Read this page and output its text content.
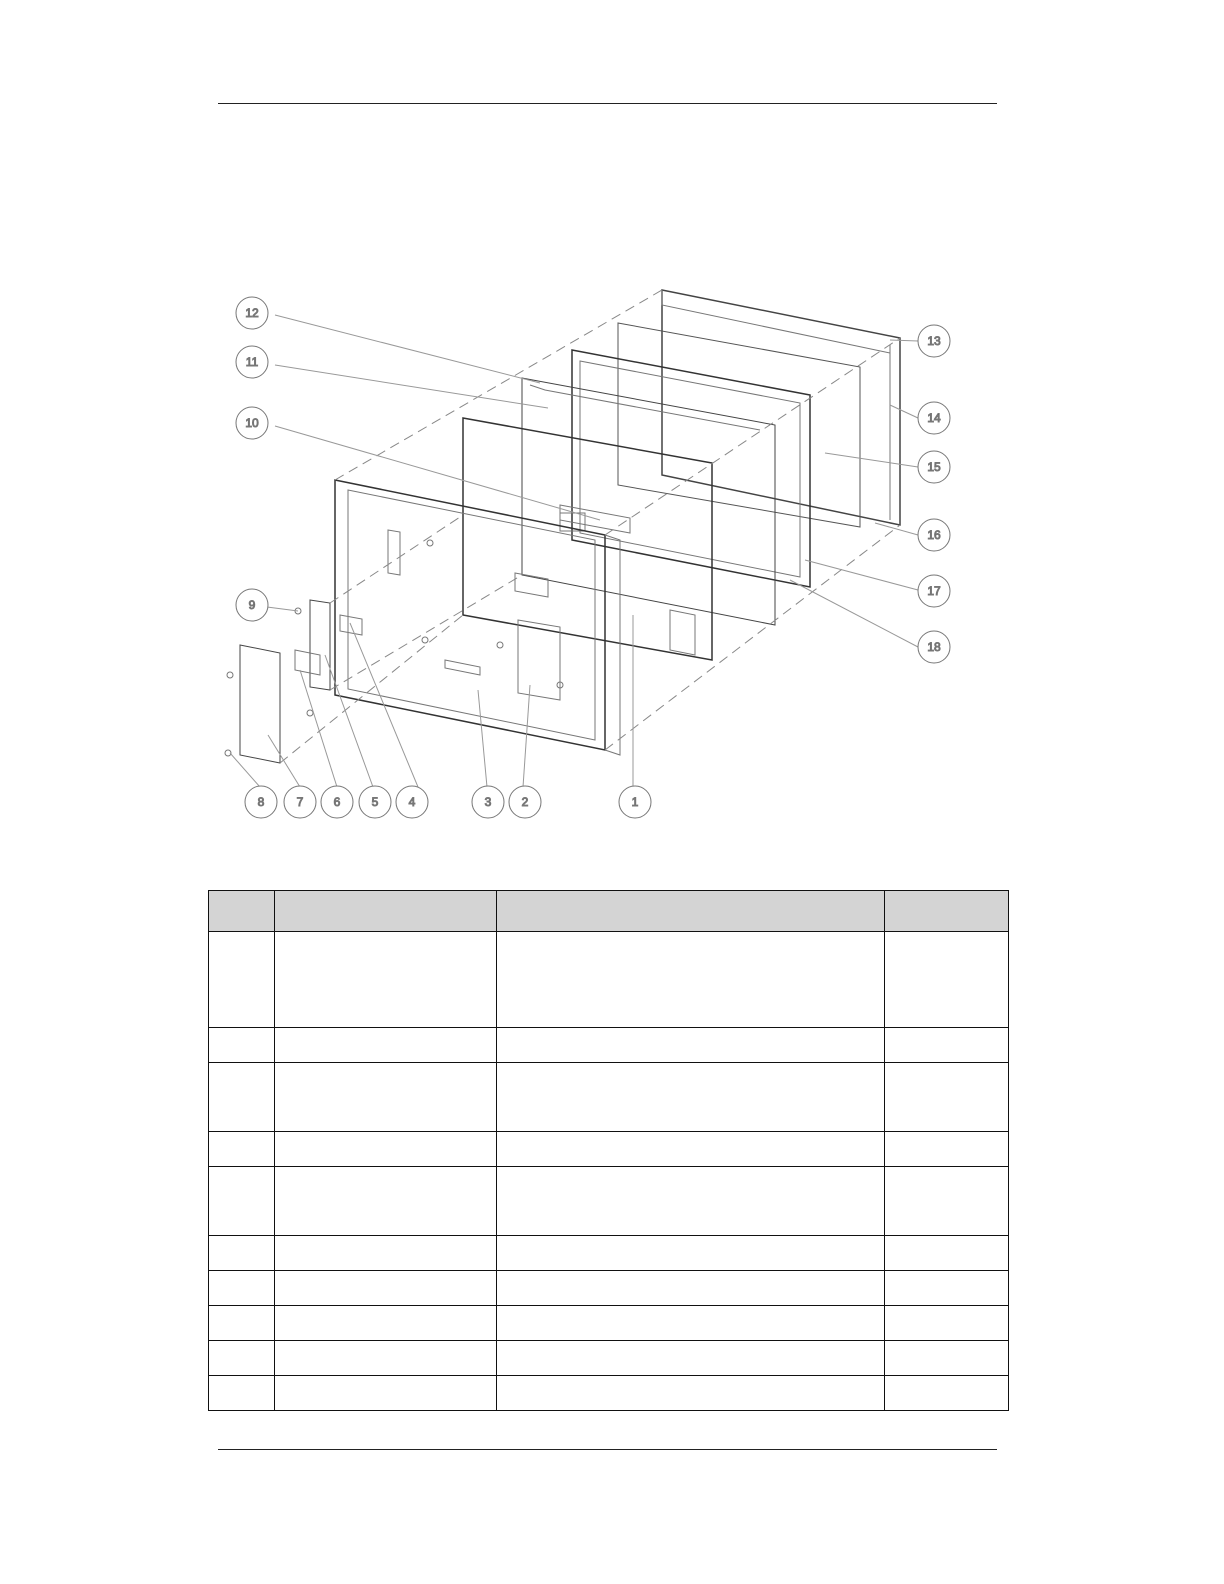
1
2
3
4
5
6
7
8
9
10
11
12
13
14
15
16
17
18
